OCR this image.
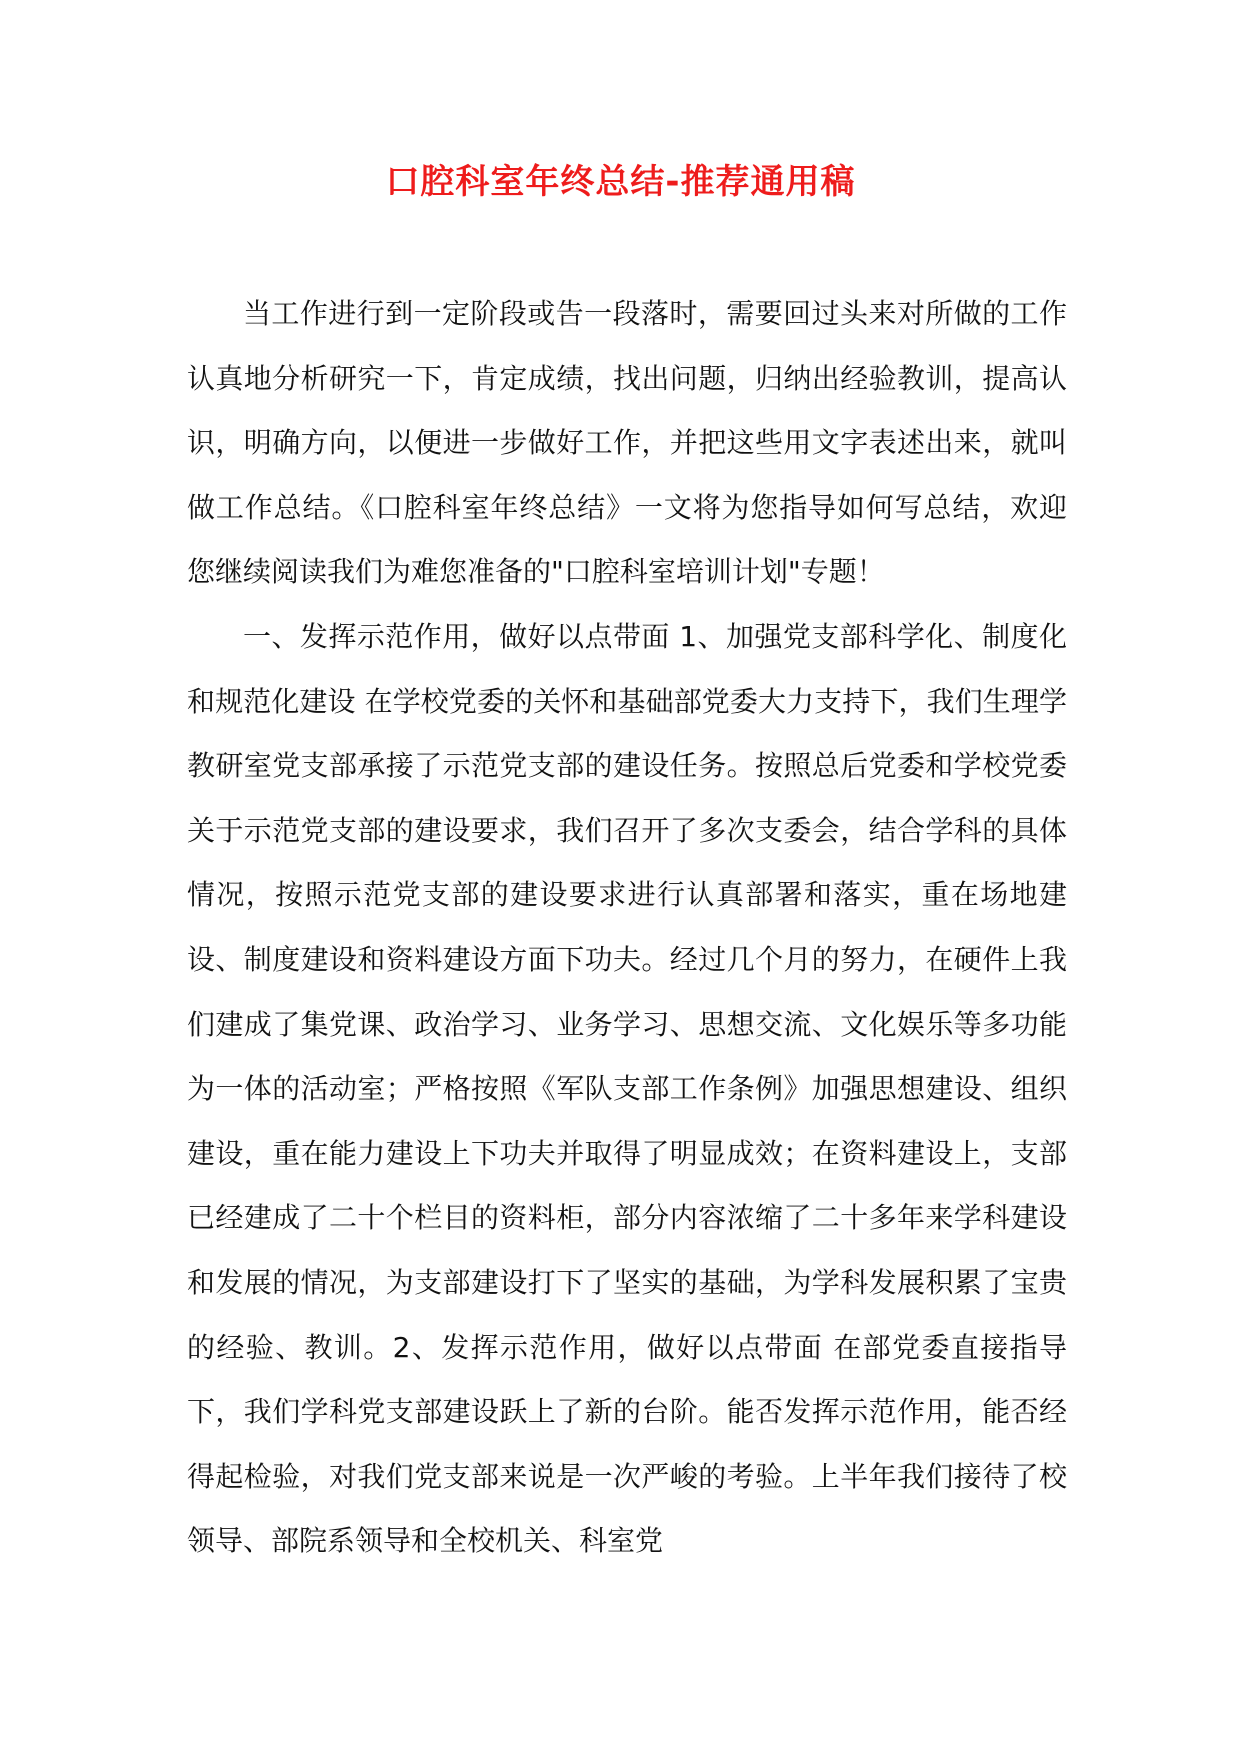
口腔科室年终总结-推荐通用稿

当工作进行到一定阶段或告一段落时，需要回过头来对所做的工作认真地分析研究一下，肯定成绩，找出问题，归纳出经验教训，提高认识，明确方向，以便进一步做好工作，并把这些用文字表述出来，就叫做工作总结。《口腔科室年终总结》一文将为您指导如何写总结，欢迎您继续阅读我们为难您准备的"口腔科室培训计划"专题！

一、发挥示范作用，做好以点带面 1、加强党支部科学化、制度化和规范化建设 在学校党委的关怀和基础部党委大力支持下，我们生理学教研室党支部承接了示范党支部的建设任务。按照总后党委和学校党委关于示范党支部的建设要求，我们召开了多次支委会，结合学科的具体情况，按照示范党支部的建设要求进行认真部署和落实，重在场地建设、制度建设和资料建设方面下功夫。经过几个月的努力，在硬件上我们建成了集党课、政治学习、业务学习、思想交流、文化娱乐等多功能为一体的活动室；严格按照《军队支部工作条例》加强思想建设、组织建设，重在能力建设上下功夫并取得了明显成效；在资料建设上，支部已经建成了二十个栏目的资料柜，部分内容浓缩了二十多年来学科建设和发展的情况，为支部建设打下了坚实的基础，为学科发展积累了宝贵的经验、教训。2、发挥示范作用，做好以点带面 在部党委直接指导下，我们学科党支部建设跃上了新的台阶。能否发挥示范作用，能否经得起检验，对我们党支部来说是一次严峻的考验。上半年我们接待了校领导、部院系领导和全校机关、科室党
